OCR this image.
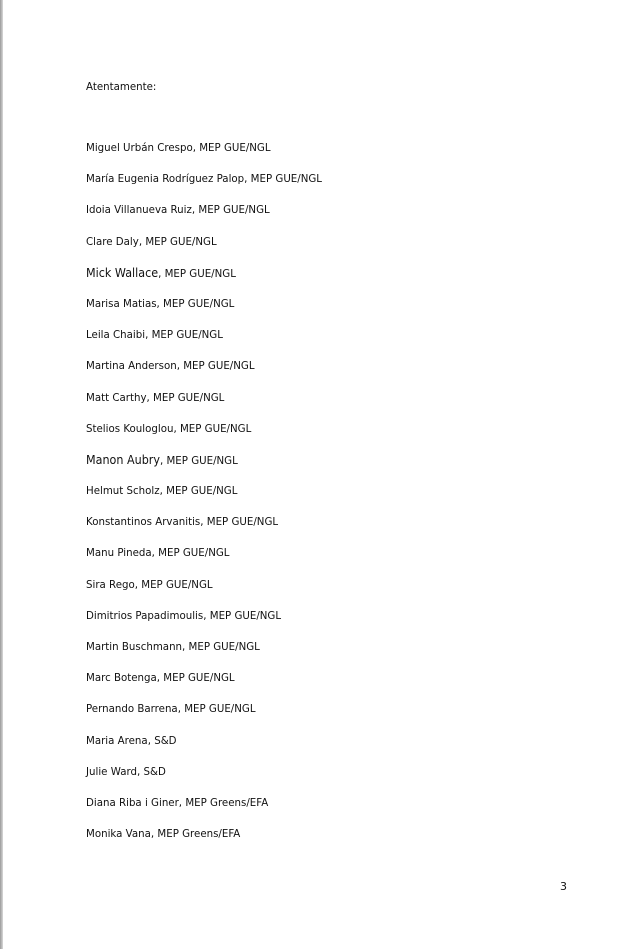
Atentamente:
Miguel Urbán Crespo, MEP GUE/NGL
María Eugenia Rodríguez Palop, MEP GUE/NGL
Idoia Villanueva Ruiz, MEP GUE/NGL
Clare Daly, MEP GUE/NGL
Mick Wallace, MEP GUE/NGL
Marisa Matias, MEP GUE/NGL
Leila Chaibi, MEP GUE/NGL
Martina Anderson, MEP GUE/NGL
Matt Carthy, MEP GUE/NGL
Stelios Kouloglou, MEP GUE/NGL
Manon Aubry, MEP GUE/NGL
Helmut Scholz, MEP GUE/NGL
Konstantinos Arvanitis, MEP GUE/NGL
Manu Pineda, MEP GUE/NGL
Sira Rego, MEP GUE/NGL
Dimitrios Papadimoulis, MEP GUE/NGL
Martin Buschmann, MEP GUE/NGL
Marc Botenga, MEP GUE/NGL
Pernando Barrena, MEP GUE/NGL
Maria Arena, S&D
Julie Ward, S&D
Diana Riba i Giner, MEP Greens/EFA
Monika Vana, MEP Greens/EFA
3
